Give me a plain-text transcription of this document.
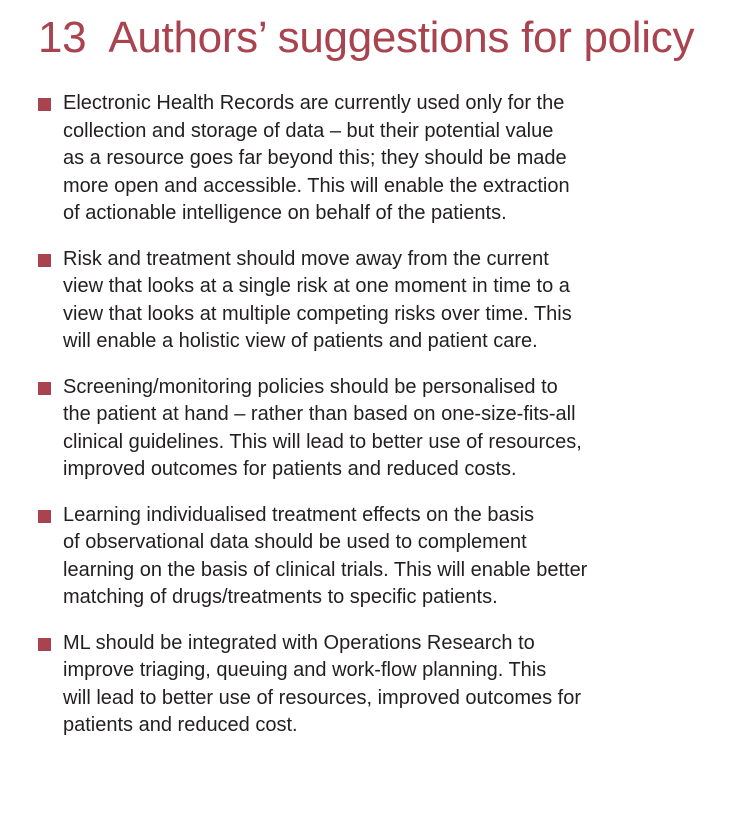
13 Authors’ suggestions for policy
Electronic Health Records are currently used only for the
collection and storage of data – but their potential value
as a resource goes far beyond this; they should be made
more open and accessible. This will enable the extraction
of actionable intelligence on behalf of the patients.
Risk and treatment should move away from the current
view that looks at a single risk at one moment in time to a
view that looks at multiple competing risks over time. This
will enable a holistic view of patients and patient care.
Screening/monitoring policies should be personalised to
the patient at hand – rather than based on one-size-fits-all
clinical guidelines. This will lead to better use of resources,
improved outcomes for patients and reduced costs.
Learning individualised treatment effects on the basis
of observational data should be used to complement
learning on the basis of clinical trials. This will enable better
matching of drugs/treatments to specific patients.
ML should be integrated with Operations Research to
improve triaging, queuing and work-flow planning. This
will lead to better use of resources, improved outcomes for
patients and reduced cost.
